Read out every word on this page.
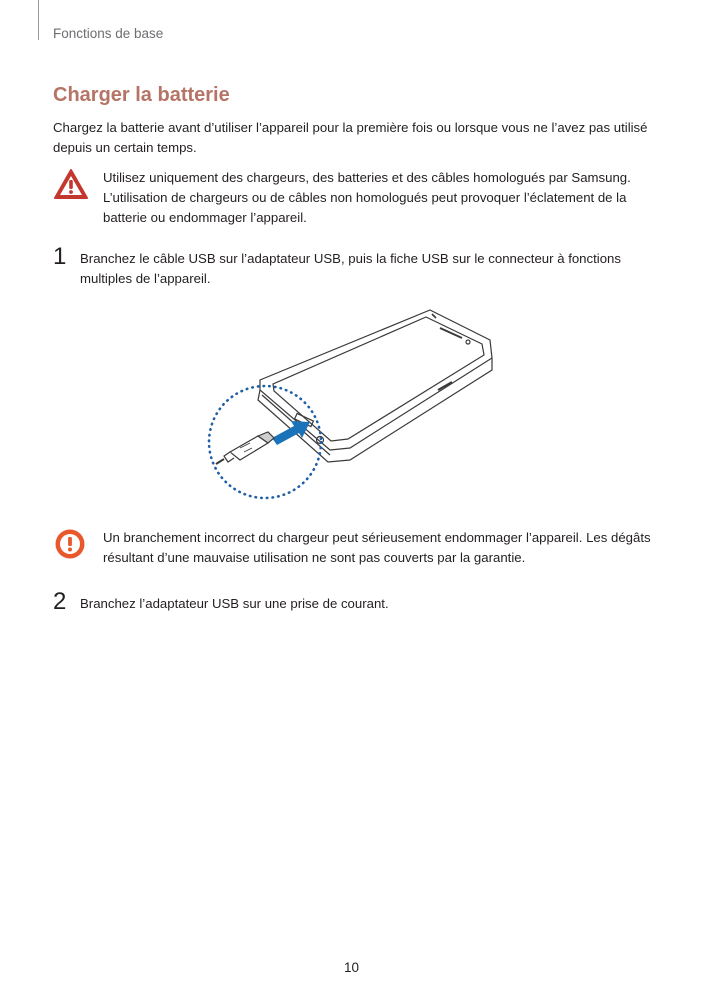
Fonctions de base
Charger la batterie
Chargez la batterie avant d’utiliser l’appareil pour la première fois ou lorsque vous ne l’avez pas utilisé depuis un certain temps.
Utilisez uniquement des chargeurs, des batteries et des câbles homologués par Samsung. L’utilisation de chargeurs ou de câbles non homologués peut provoquer l’éclatement de la batterie ou endommager l’appareil.
1 Branchez le câble USB sur l’adaptateur USB, puis la fiche USB sur le connecteur à fonctions multiples de l’appareil.
Un branchement incorrect du chargeur peut sérieusement endommager l’appareil. Les dégâts résultant d’une mauvaise utilisation ne sont pas couverts par la garantie.
2 Branchez l’adaptateur USB sur une prise de courant.
10
